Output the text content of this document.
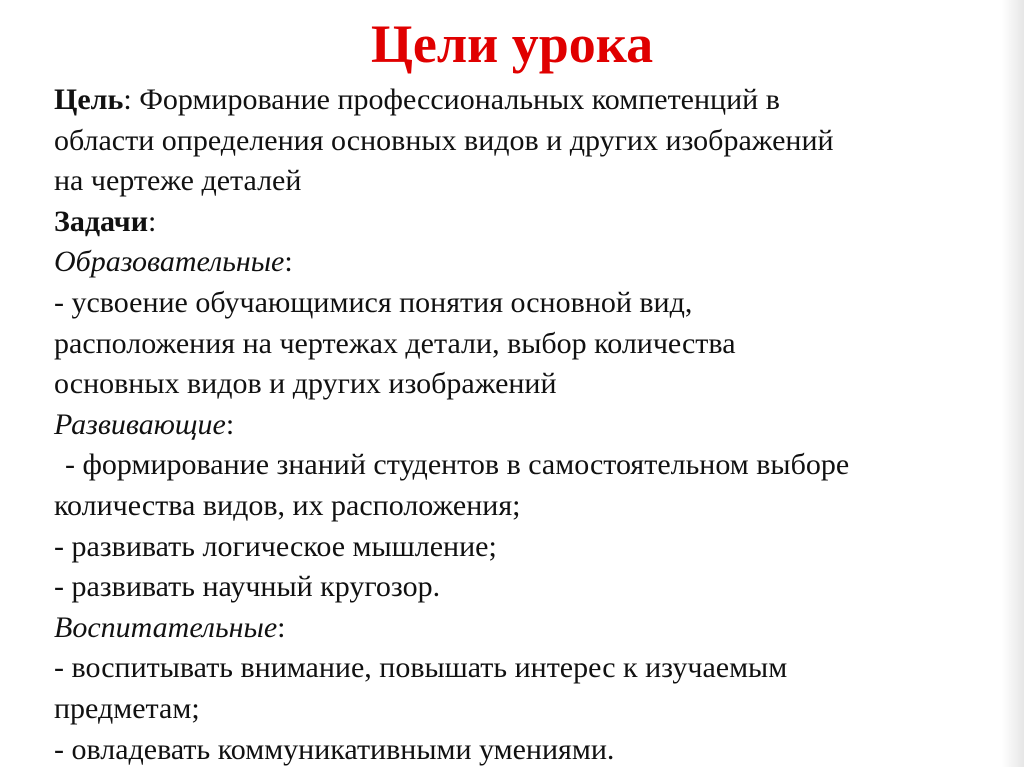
Цели урока
Цель: Формирование профессиональных компетенций в
области определения основных видов и других изображений
на чертеже деталей
Задачи:
Образовательные:
- усвоение обучающимися понятия основной вид,
расположения на чертежах детали, выбор количества
основных видов и других изображений
Развивающие:
- формирование знаний студентов в самостоятельном выборе
количества видов, их расположения;
- развивать логическое мышление;
- развивать научный кругозор.
Воспитательные:
- воспитывать внимание, повышать интерес к изучаемым
предметам;
- овладевать коммуникативными умениями.
